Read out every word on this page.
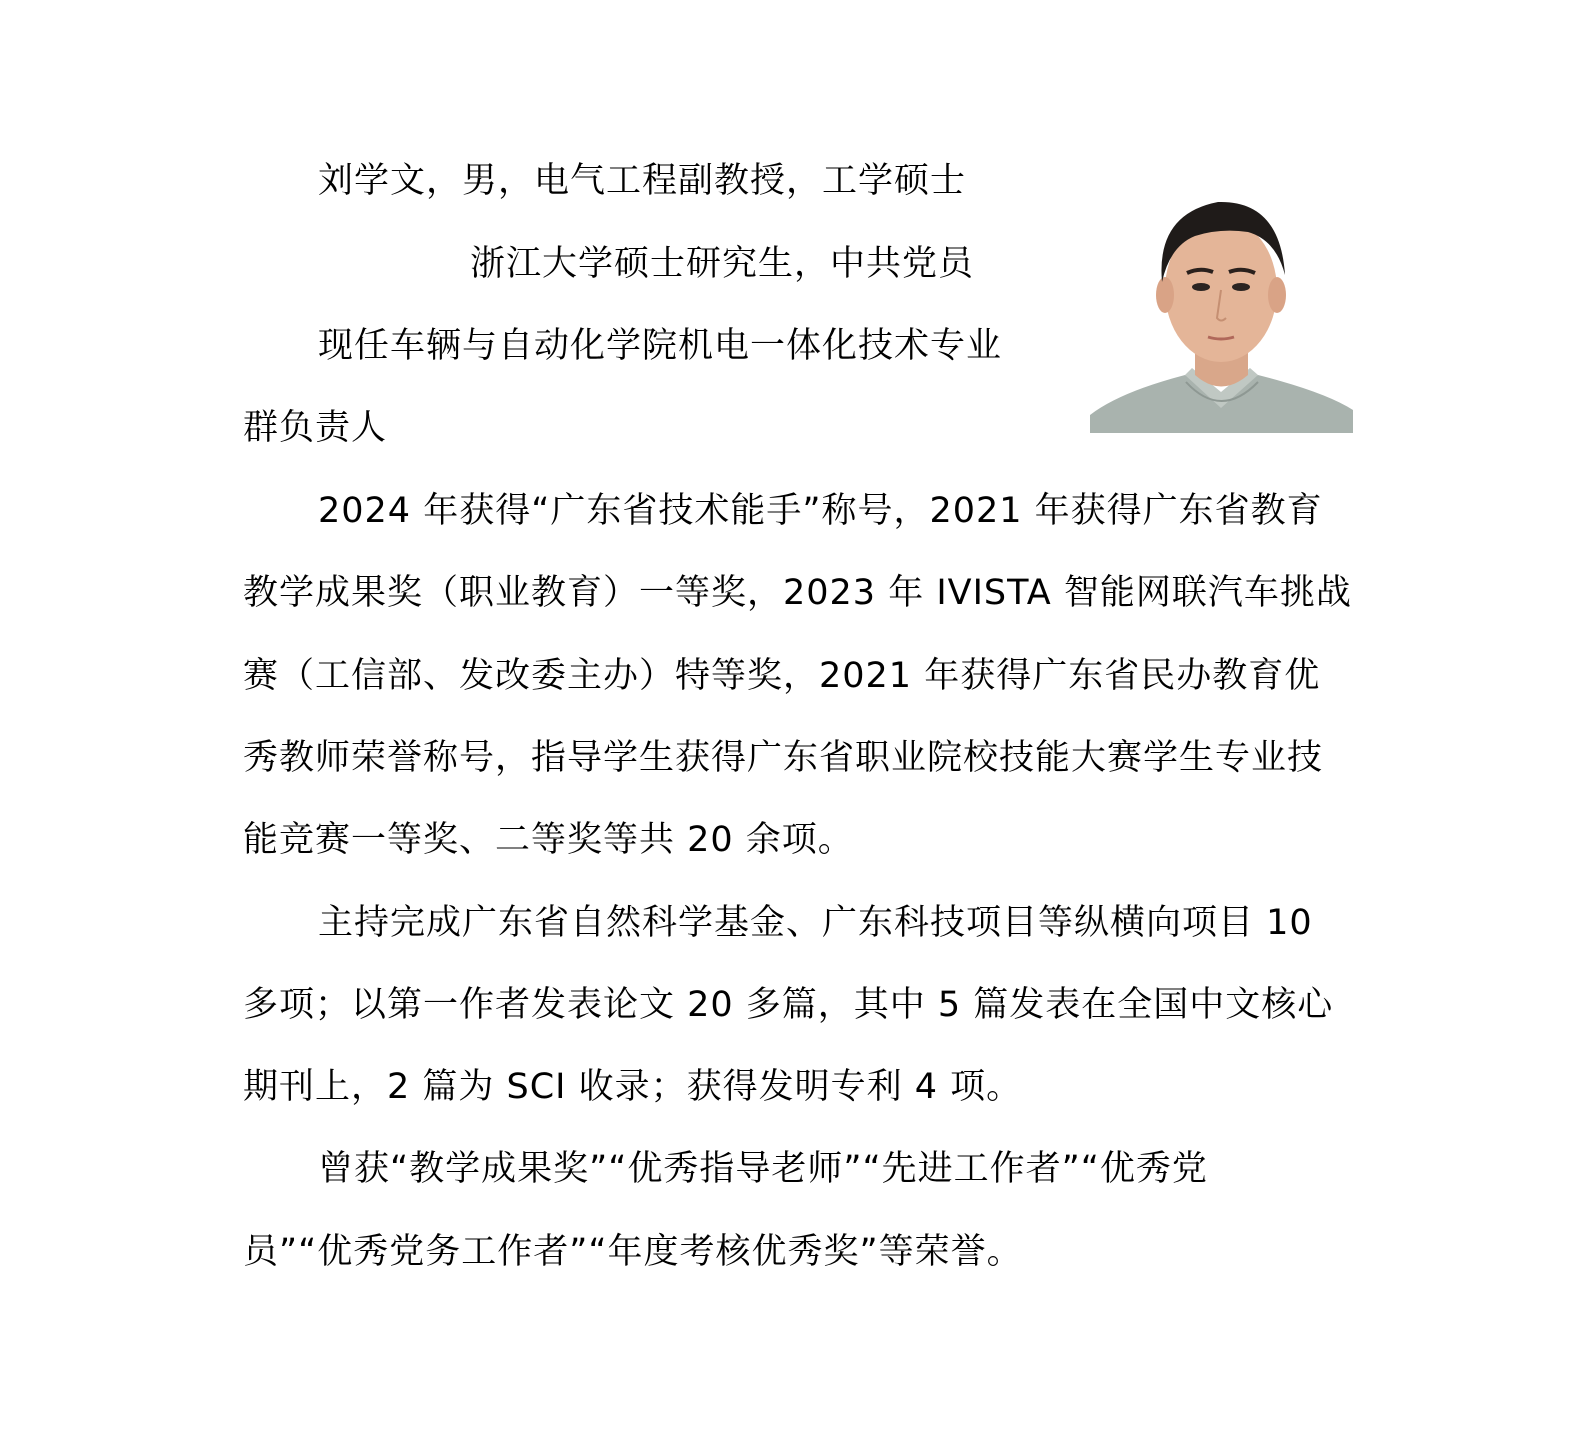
刘学文，男，电气工程副教授，工学硕士
浙江大学硕士研究生，中共党员
现任车辆与自动化学院机电一体化技术专业
群负责人
2024 年获得“广东省技术能手”称号，2021 年获得广东省教育
教学成果奖（职业教育）一等奖，2023 年 IVISTA 智能网联汽车挑战
赛（工信部、发改委主办）特等奖，2021 年获得广东省民办教育优
秀教师荣誉称号，指导学生获得广东省职业院校技能大赛学生专业技
能竞赛一等奖、二等奖等共 20 余项。
主持完成广东省自然科学基金、广东科技项目等纵横向项目 10
多项；以第一作者发表论文 20 多篇，其中 5 篇发表在全国中文核心
期刊上，2 篇为 SCI 收录；获得发明专利 4 项。
曾获“教学成果奖”“优秀指导老师”“先进工作者”“优秀党
员”“优秀党务工作者”“年度考核优秀奖”等荣誉。
